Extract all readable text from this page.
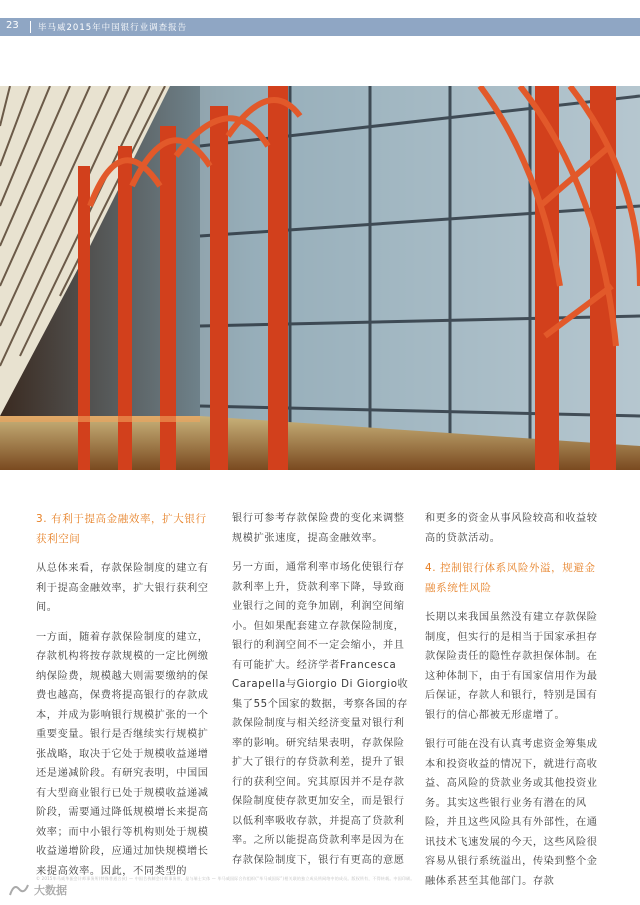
23 毕马威2015年中国银行业调查报告

3. 有利于提高金融效率，扩大银行获利空间

从总体来看，存款保险制度的建立有利于提高金融效率，扩大银行获利空间。

一方面，随着存款保险制度的建立，存款机构将按存款规模的一定比例缴纳保险费，规模越大则需要缴纳的保费也越高，保费将提高银行的存款成本，并成为影响银行规模扩张的一个重要变量。银行是否继续实行规模扩张战略，取决于它处于规模收益递增还是递减阶段。有研究表明，中国国有大型商业银行已处于规模收益递减阶段，需要通过降低规模增长来提高效率；而中小银行等机构则处于规模收益递增阶段，应通过加快规模增长来提高效率。因此，不同类型的

银行可参考存款保险费的变化来调整规模扩张速度，提高金融效率。

另一方面，通常利率市场化使银行存款利率上升，贷款利率下降，导致商业银行之间的竞争加剧，利润空间缩小。但如果配套建立存款保险制度，银行的利润空间不一定会缩小，并且有可能扩大。经济学者Francesca Carapella与Giorgio Di Giorgio收集了55个国家的数据，考察各国的存款保险制度与相关经济变量对银行利率的影响。研究结果表明，存款保险扩大了银行的存贷款利差，提升了银行的获利空间。究其原因并不是存款保险制度使存款更加安全，而是银行以低利率吸收存款，并提高了贷款利率。之所以能提高贷款利率是因为在存款保险制度下，银行有更高的意愿

和更多的资金从事风险较高和收益较高的贷款活动。

4. 控制银行体系风险外溢，规避金融系统性风险

长期以来我国虽然没有建立存款保险制度，但实行的是相当于国家承担存款保险责任的隐性存款担保体制。在这种体制下，由于有国家信用作为最后保证，存款人和银行，特别是国有银行的信心都被无形虚增了。

银行可能在没有认真考虑资金筹集成本和投资收益的情况下，就进行高收益、高风险的贷款业务或其他投资业务。其实这些银行业务有潜在的风险，并且这些风险具有外部性，在通讯技术飞速发展的今天，这些风险很容易从银行系统溢出，传染到整个金融体系甚至其他部门。存款

© 2015毕马威华振会计师事务所(特殊普通合伙) — 中国合伙制会计师事务所，是与瑞士实体 — 毕马威国际合作组织(“毕马威国际”)相关联的独立成员所网络中的成员。版权所有，不得转载。中国印刷。
大数据
